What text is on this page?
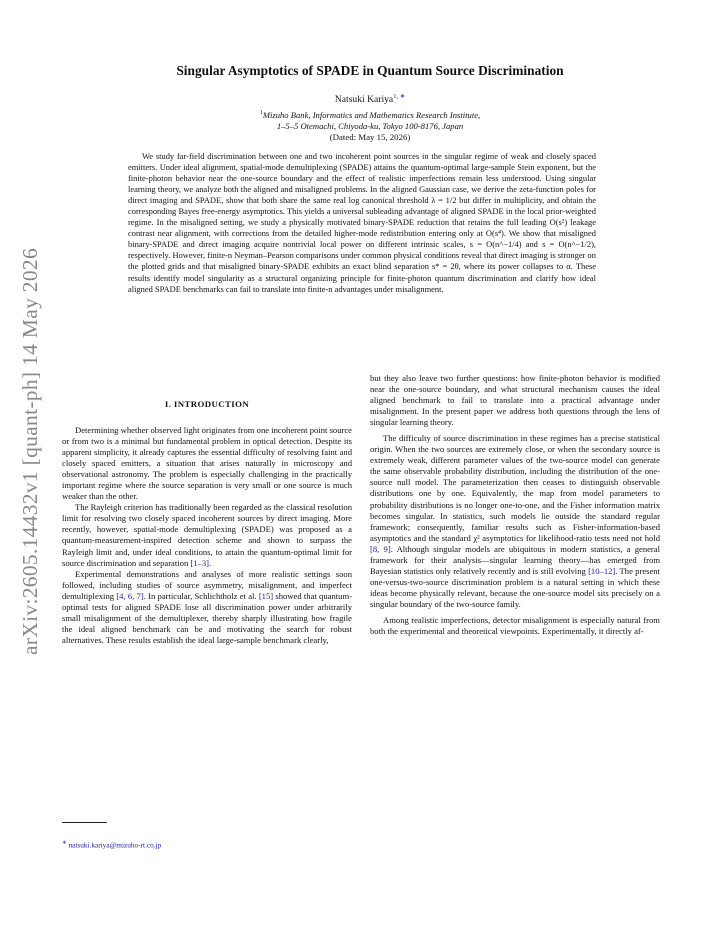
arXiv:2605.14432v1 [quant-ph] 14 May 2026
Singular Asymptotics of SPADE in Quantum Source Discrimination
Natsuki Kariya$^{1, ∗}$
$^1$Mizuho Bank, Informatics and Mathematics Research Institute,
1–5–5 Otemachi, Chiyoda-ku, Tokyo 100-8176, Japan
(Dated: May 15, 2026)

We study far-field discrimination between one and two incoherent point sources in the singular regime of weak and closely spaced emitters. Under ideal alignment, spatial-mode demultiplexing (SPADE) attains the quantum-optimal large-sample Stein exponent, but the finite-photon behavior near the one-source boundary and the effect of realistic imperfections remain less understood. Using singular learning theory, we analyze both the aligned and misaligned problems. In the aligned Gaussian case, we derive the zeta-function poles for direct imaging and SPADE, show that both share the same real log canonical threshold λ = 1/2 but differ in multiplicity, and obtain the corresponding Bayes free-energy asymptotics. This yields a universal subleading advantage of aligned SPADE in the local prior-weighted regime. In the misaligned setting, we study a physically motivated binary-SPADE reduction that retains the full leading O(s²) leakage contrast near alignment, with corrections from the detailed higher-mode redistribution entering only at O(s⁴). We show that misaligned binary-SPADE and direct imaging acquire nontrivial local power on different intrinsic scales, s = O(n^−1/4) and s = O(n^−1/2), respectively. However, finite-n Neyman–Pearson comparisons under common physical conditions reveal that direct imaging is stronger on the plotted grids and that misaligned binary-SPADE exhibits an exact blind separation s* = 2θ, where its power collapses to α. These results identify model singularity as a structural organizing principle for finite-photon quantum discrimination and clarify how ideal aligned SPADE benchmarks can fail to translate into finite-n advantages under misalignment.

I. INTRODUCTION

Determining whether observed light originates from one incoherent point source or from two is a minimal but fundamental problem in optical detection. Despite its apparent simplicity, it already captures the essential difficulty of resolving faint and closely spaced emitters, a situation that arises naturally in microscopy and observational astronomy. The problem is especially challenging in the practically important regime where the source separation is very small or one source is much weaker than the other.

The Rayleigh criterion has traditionally been regarded as the classical resolution limit for resolving two closely spaced incoherent sources by direct imaging. More recently, however, spatial-mode demultiplexing (SPADE) was proposed as a quantum-measurement-inspired detection scheme and shown to surpass the Rayleigh limit and, under ideal conditions, to attain the quantum-optimal limit for source discrimination and separation [1–3].

Experimental demonstrations and analyses of more realistic settings soon followed, including studies of source asymmetry, misalignment, and imperfect demultiplexing [4, 6, 7]. In particular, Schlichtholz et al. [15] showed that quantum-optimal tests for aligned SPADE lose all discrimination power under arbitrarily small misalignment of the demultiplexer, thereby sharply illustrating how fragile the ideal aligned benchmark can be and motivating the search for robust alternatives. These results establish the ideal large-sample benchmark clearly,

but they also leave two further questions: how finite-photon behavior is modified near the one-source boundary, and what structural mechanism causes the ideal aligned benchmark to fail to translate into a practical advantage under misalignment. In the present paper we address both questions through the lens of singular learning theory.

The difficulty of source discrimination in these regimes has a precise statistical origin. When the two sources are extremely close, or when the secondary source is extremely weak, different parameter values of the two-source model can generate the same observable probability distribution, including the distribution of the one-source null model. The parameterization then ceases to distinguish observable distributions one by one. Equivalently, the map from model parameters to probability distributions is no longer one-to-one, and the Fisher information matrix becomes singular. In statistics, such models lie outside the standard regular framework; consequently, familiar results such as Fisher-information-based asymptotics and the standard χ² asymptotics for likelihood-ratio tests need not hold [8, 9]. Although singular models are ubiquitous in modern statistics, a general framework for their analysis—singular learning theory—has emerged from Bayesian statistics only relatively recently and is still evolving [10–12]. The present one-versus-two-source discrimination problem is a natural setting in which these ideas become physically relevant, because the one-source model sits precisely on a singular boundary of the two-source family.

Among realistic imperfections, detector misalignment is especially natural from both the experimental and theoretical viewpoints. Experimentally, it directly af-

∗ natsuki.kariya@mizuho-rt.co.jp
